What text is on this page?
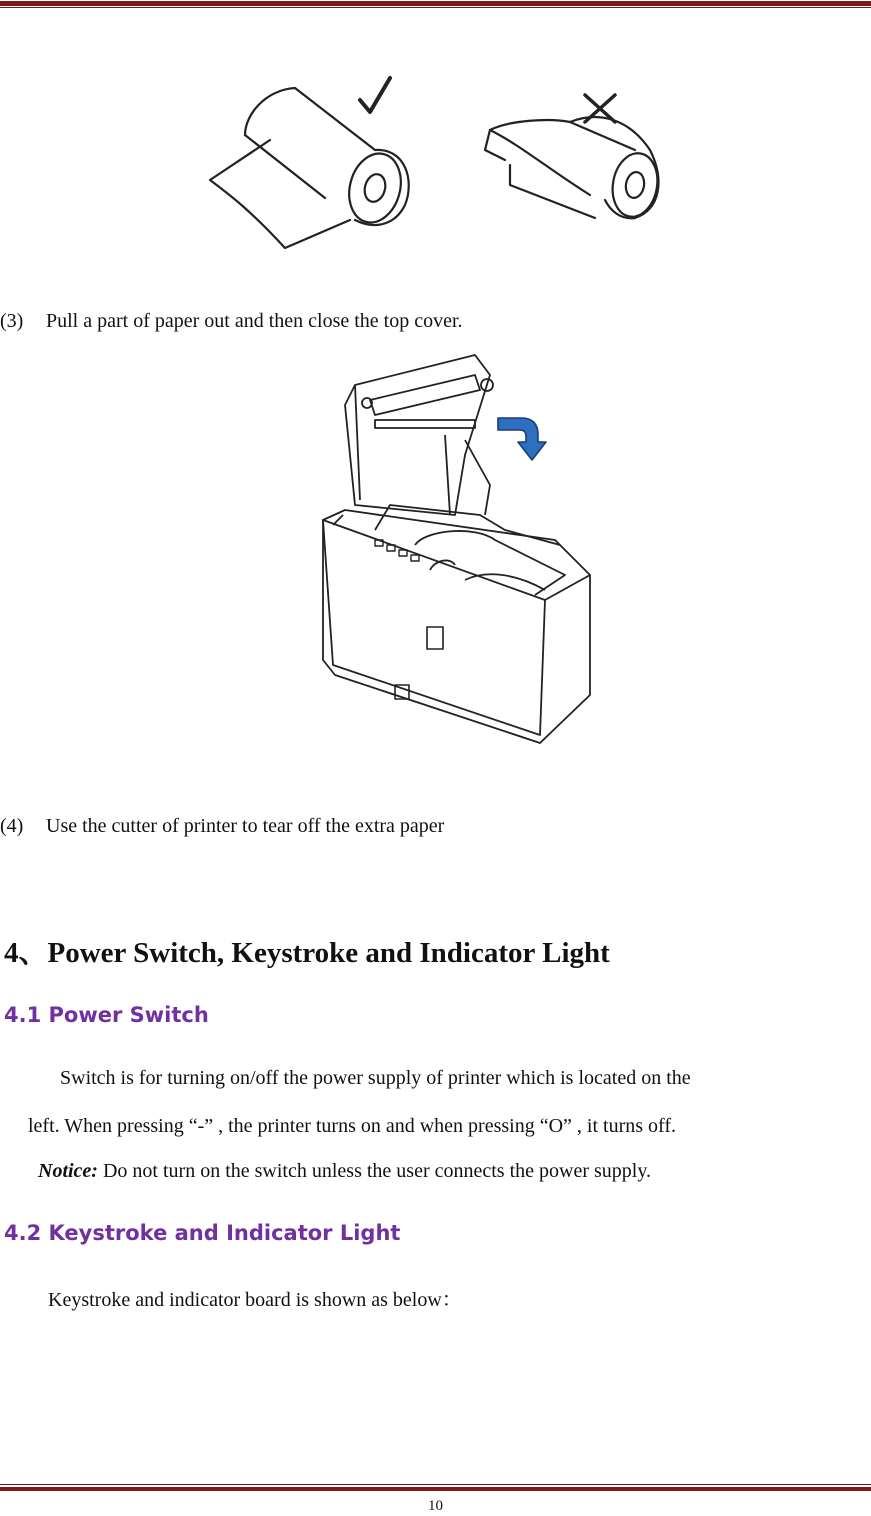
(3) Pull a part of paper out and then close the top cover.
(4) Use the cutter of printer to tear off the extra paper
4、Power Switch, Keystroke and Indicator Light
4.1 Power Switch
Switch is for turning on/off the power supply of printer which is located on the
left. When pressing “-” , the printer turns on and when pressing “O” , it turns off.
Notice: Do not turn on the switch unless the user connects the power supply.
4.2 Keystroke and Indicator Light
Keystroke and indicator board is shown as below：
10
